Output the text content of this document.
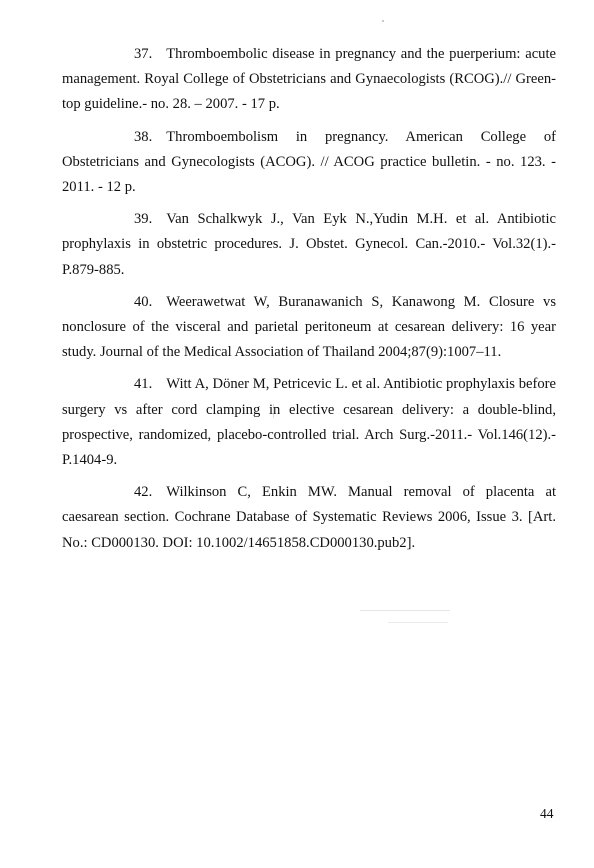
37. Thromboembolic disease in pregnancy and the puerperium: acute management. Royal College of Obstetricians and Gynaecologists (RCOG).// Green-top guideline.- no. 28. – 2007. - 17 p.

38. Thromboembolism in pregnancy. American College of Obstetricians and Gynecologists (ACOG). // ACOG practice bulletin. - no. 123. - 2011. - 12 p.

39. Van Schalkwyk J., Van Eyk N.,Yudin M.H. et al. Antibiotic prophylaxis in obstetric procedures. J. Obstet. Gynecol. Can.-2010.- Vol.32(1).- P.879-885.

40. Weerawetwat W, Buranawanich S, Kanawong M. Closure vs nonclosure of the visceral and parietal peritoneum at cesarean delivery: 16 year study. Journal of the Medical Association of Thailand 2004;87(9):1007–11.

41. Witt A, Döner M, Petricevic L. et al. Antibiotic prophylaxis before surgery vs after cord clamping in elective cesarean delivery: a double-blind, prospective, randomized, placebo-controlled trial. Arch Surg.-2011.- Vol.146(12).- P.1404-9.

42. Wilkinson C, Enkin MW. Manual removal of placenta at caesarean section. Cochrane Database of Systematic Reviews 2006, Issue 3. [Art. No.: CD000130. DOI: 10.1002/14651858.CD000130.pub2].

44
